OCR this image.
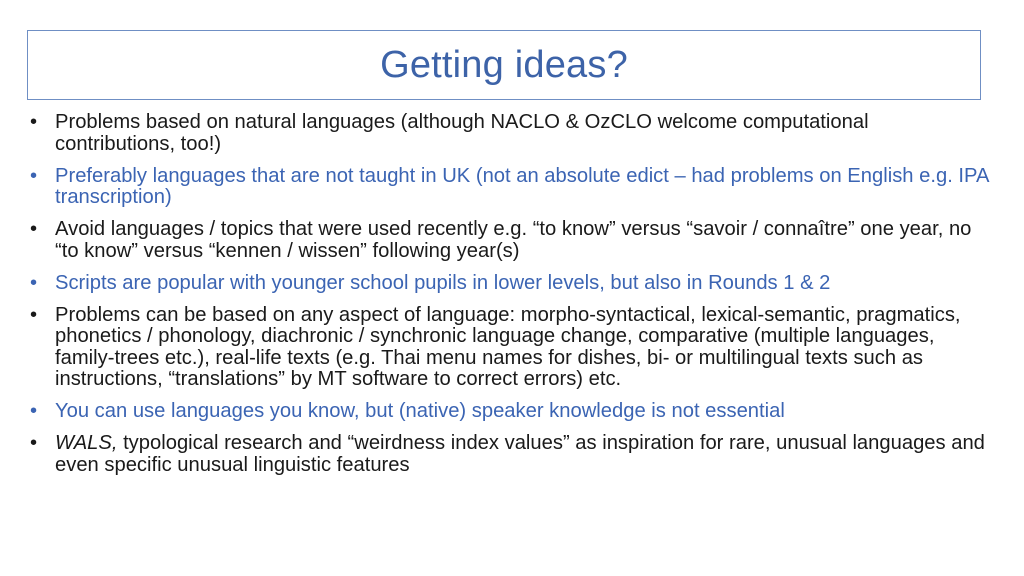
Getting ideas?
• Problems based on natural languages (although NACLO & OzCLO welcome computational contributions, too!)
• Preferably languages that are not taught in UK (not an absolute edict – had problems on English e.g. IPA transcription)
• Avoid languages / topics that were used recently e.g. “to know” versus “savoir / connaître” one year, no “to know” versus “kennen / wissen” following year(s)
• Scripts are popular with younger school pupils in lower levels, but also in Rounds 1 & 2
• Problems can be based on any aspect of language: morpho-syntactical, lexical-semantic, pragmatics, phonetics / phonology, diachronic / synchronic language change, comparative (multiple languages, family-trees etc.), real-life texts (e.g. Thai menu names for dishes, bi- or multilingual texts such as instructions, “translations” by MT software to correct errors) etc.
• You can use languages you know, but (native) speaker knowledge is not essential
• WALS, typological research and “weirdness index values” as inspiration for rare, unusual languages and even specific unusual linguistic features
